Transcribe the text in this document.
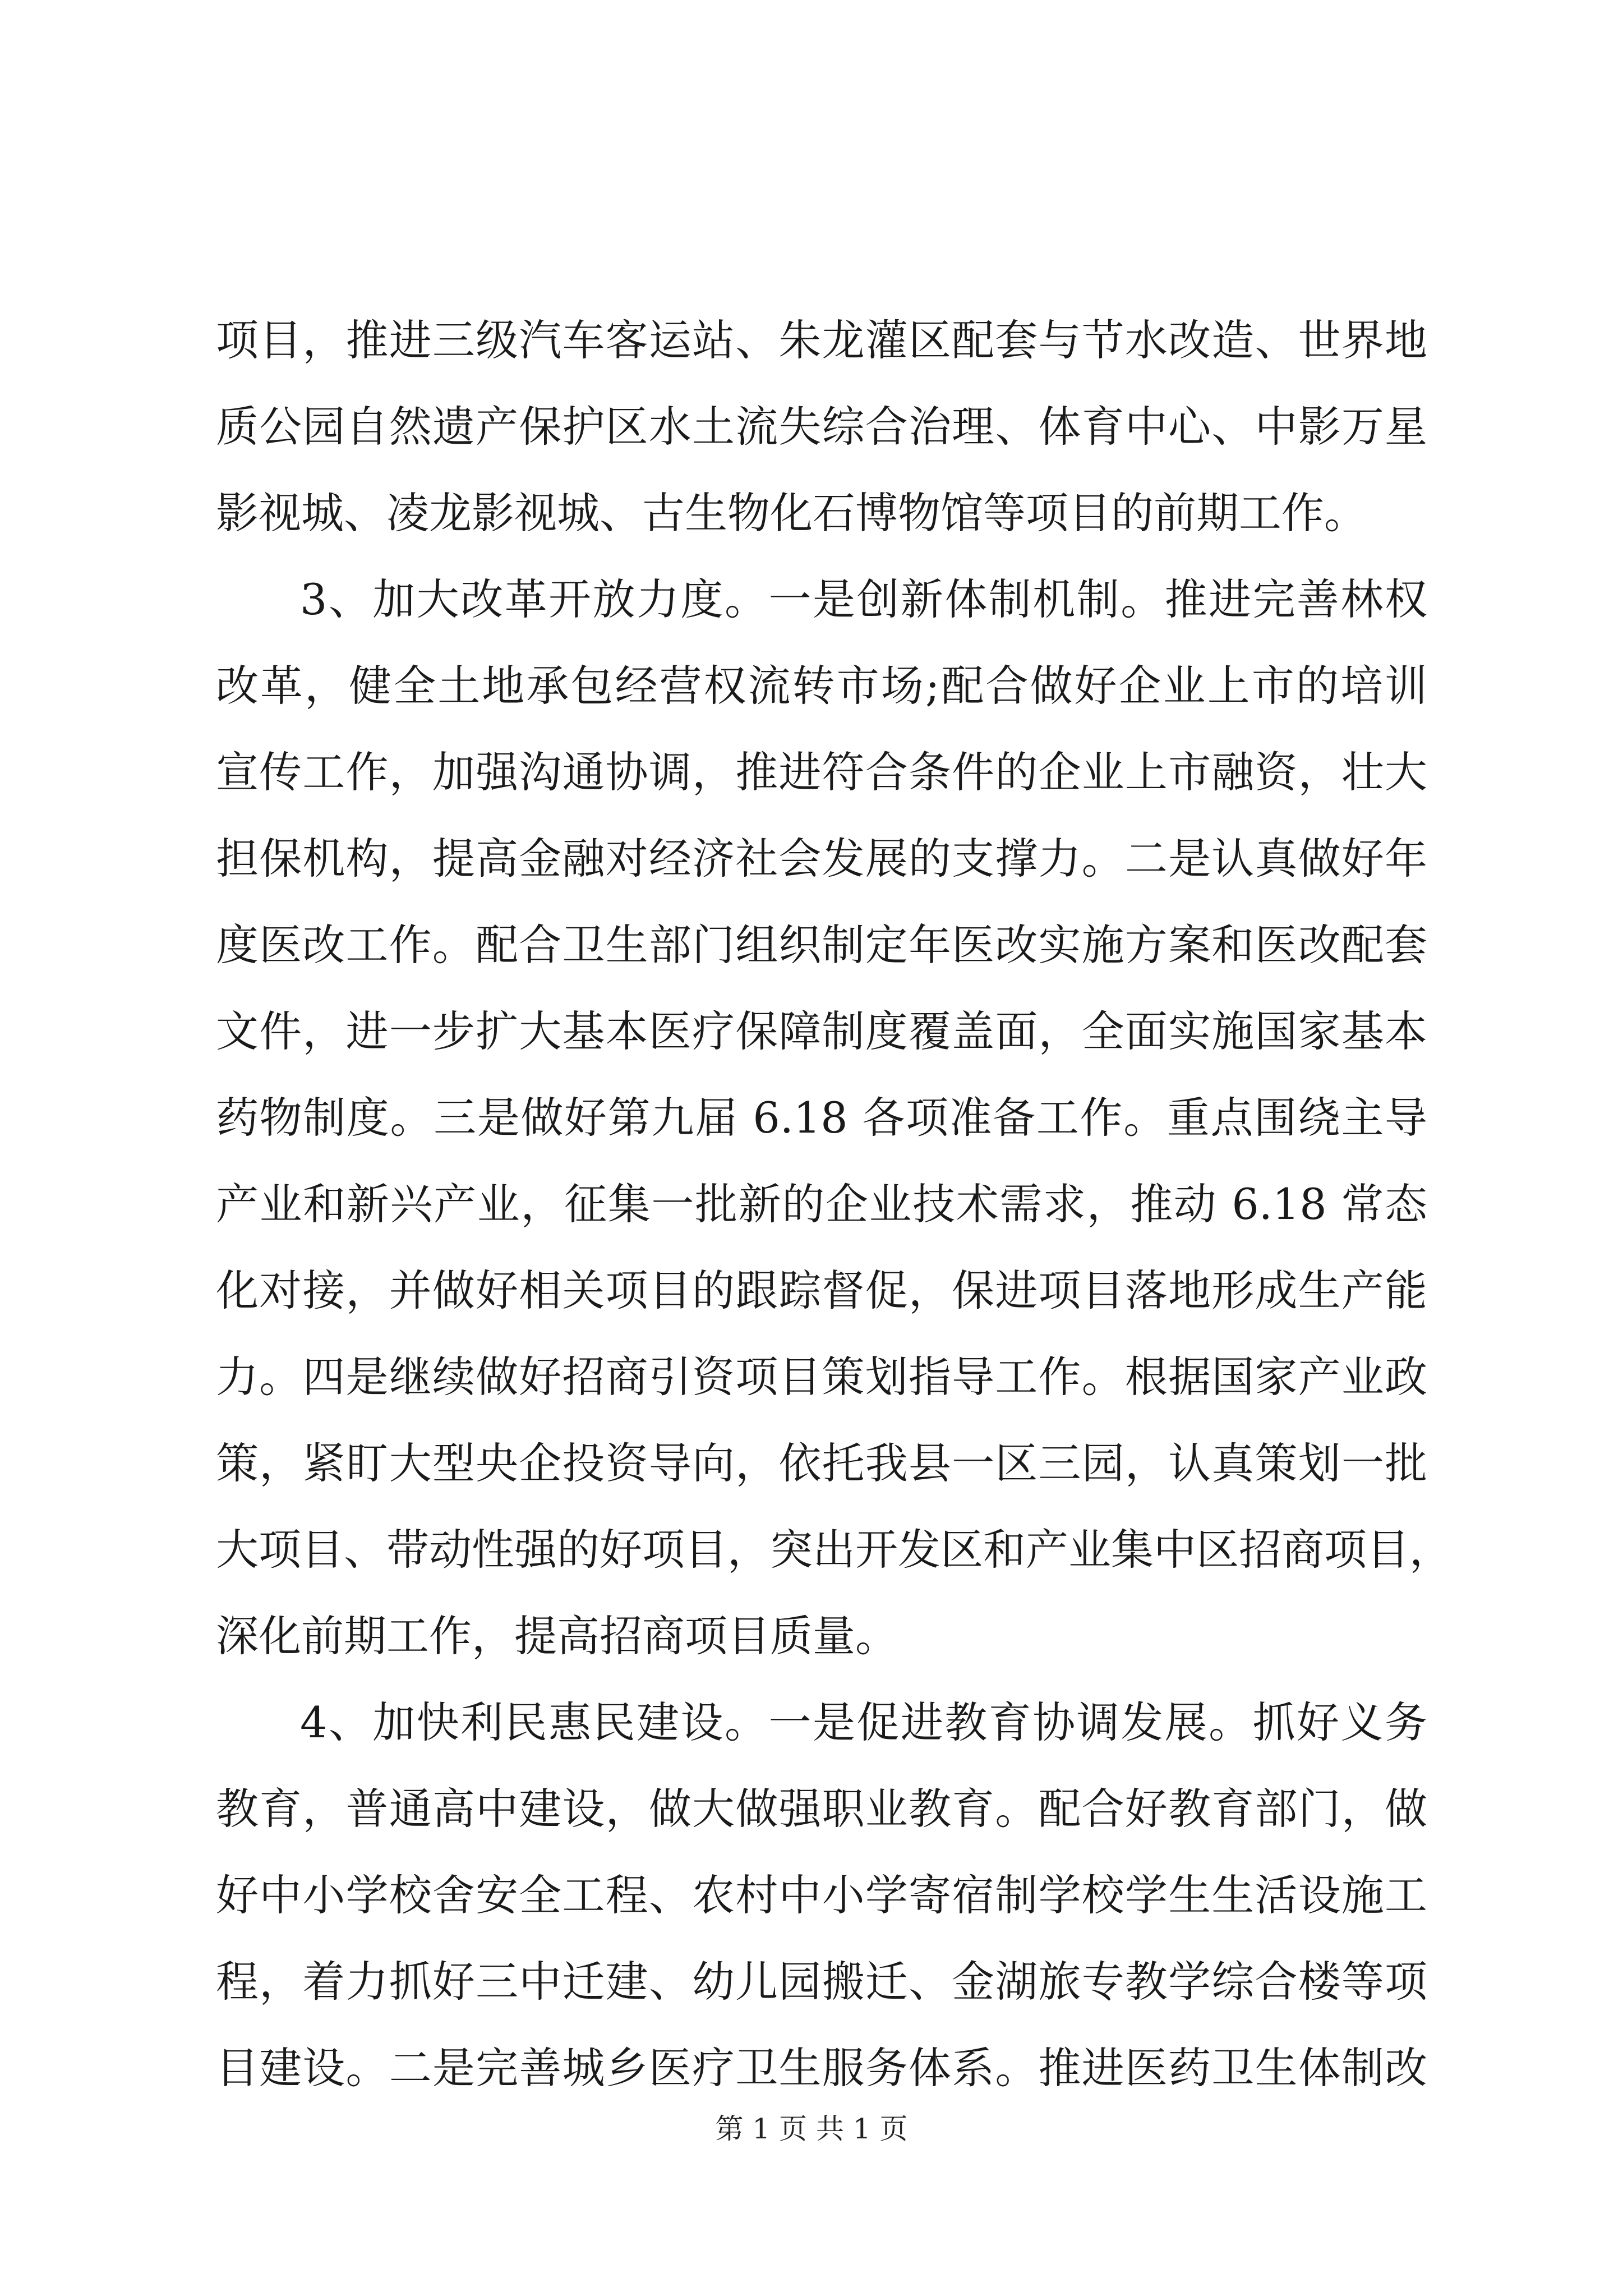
项目，推进三级汽车客运站、朱龙灌区配套与节水改造、世界地
质公园自然遗产保护区水土流失综合治理、体育中心、中影万星
影视城、凌龙影视城、古生物化石博物馆等项目的前期工作。
3、加大改革开放力度。一是创新体制机制。推进完善林权
改革，健全土地承包经营权流转市场;配合做好企业上市的培训
宣传工作，加强沟通协调，推进符合条件的企业上市融资，壮大
担保机构，提高金融对经济社会发展的支撑力。二是认真做好年
度医改工作。配合卫生部门组织制定年医改实施方案和医改配套
文件，进一步扩大基本医疗保障制度覆盖面，全面实施国家基本
药物制度。三是做好第九届 6.18 各项准备工作。重点围绕主导
产业和新兴产业，征集一批新的企业技术需求，推动 6.18 常态
化对接，并做好相关项目的跟踪督促，保进项目落地形成生产能
力。四是继续做好招商引资项目策划指导工作。根据国家产业政
策，紧盯大型央企投资导向，依托我县一区三园，认真策划一批
大项目、带动性强的好项目，突出开发区和产业集中区招商项目，
深化前期工作，提高招商项目质量。
4、加快利民惠民建设。一是促进教育协调发展。抓好义务
教育，普通高中建设，做大做强职业教育。配合好教育部门，做
好中小学校舍安全工程、农村中小学寄宿制学校学生生活设施工
程，着力抓好三中迁建、幼儿园搬迁、金湖旅专教学综合楼等项
目建设。二是完善城乡医疗卫生服务体系。推进医药卫生体制改
第 1 页 共 1 页
